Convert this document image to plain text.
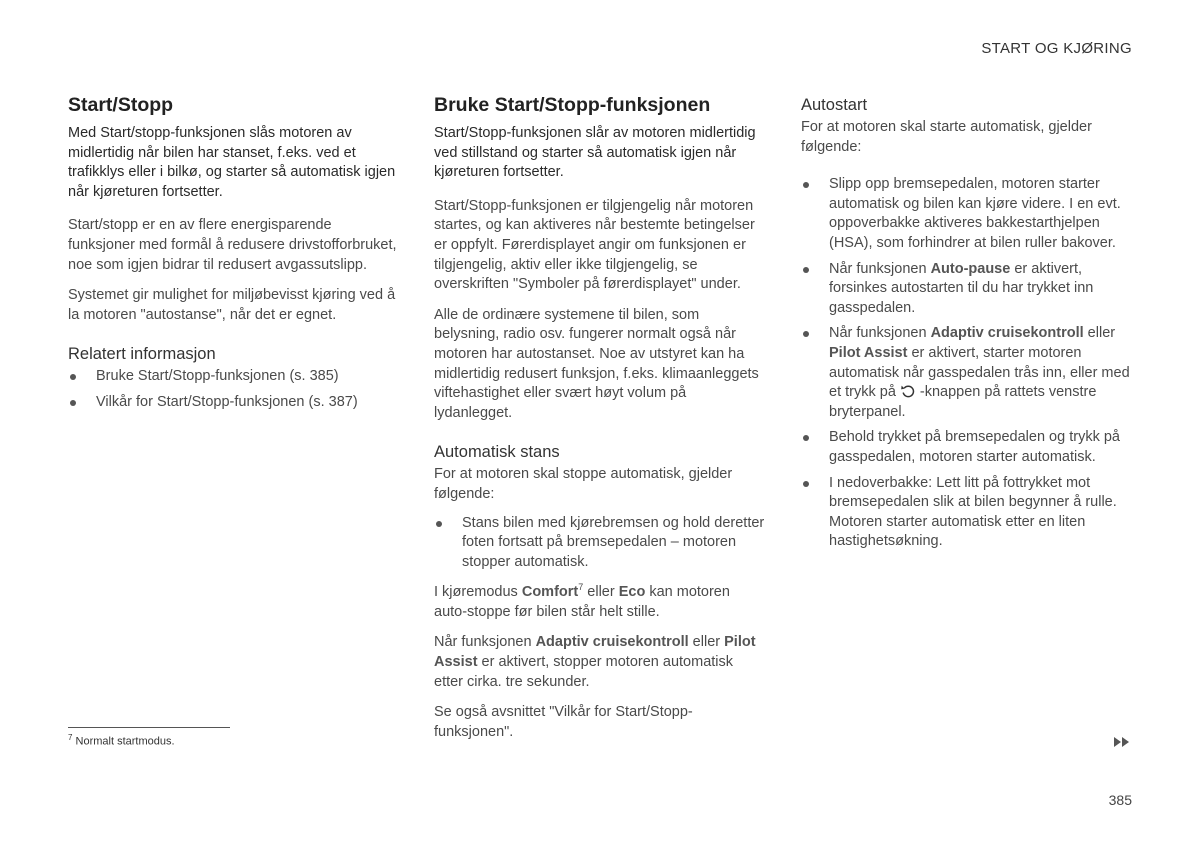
START OG KJØRING
Start/Stopp

Med Start/stopp-funksjonen slås motoren av midlertidig når bilen har stanset, f.eks. ved et trafikklys eller i bilkø, og starter så automatisk igjen når kjøreturen fortsetter.

Start/stopp er en av flere energisparende funksjoner med formål å redusere drivstofforbruket, noe som igjen bidrar til redusert avgassutslipp.

Systemet gir mulighet for miljøbevisst kjøring ved å la motoren "autostanse", når det er egnet.

Relatert informasjon
Bruke Start/Stopp-funksjonen (s. 385)
Vilkår for Start/Stopp-funksjonen (s. 387)
Bruke Start/Stopp-funksjonen

Start/Stopp-funksjonen slår av motoren midlertidig ved stillstand og starter så automatisk igjen når kjøreturen fortsetter.

Start/Stopp-funksjonen er tilgjengelig når motoren startes, og kan aktiveres når bestemte betingelser er oppfylt. Førerdisplayet angir om funksjonen er tilgjengelig, aktiv eller ikke tilgjengelig, se overskriften "Symboler på førerdisplayet" under.

Alle de ordinære systemene til bilen, som belysning, radio osv. fungerer normalt også når motoren har autostanset. Noe av utstyret kan ha midlertidig redusert funksjon, f.eks. klimaanleggets viftehastighet eller svært høyt volum på lydanlegget.

Automatisk stans

For at motoren skal stoppe automatisk, gjelder følgende:

Stans bilen med kjørebremsen og hold deretter foten fortsatt på bremsepedalen – motoren stopper automatisk.

I kjøremodus Comfort$^7$ eller Eco kan motoren auto-stoppe før bilen står helt stille.

Når funksjonen Adaptiv cruisekontroll eller Pilot Assist er aktivert, stopper motoren automatisk etter cirka. tre sekunder.

Se også avsnittet "Vilkår for Start/Stopp-funksjonen".

Autostart

For at motoren skal starte automatisk, gjelder følgende:

Slipp opp bremsepedalen, motoren starter automatisk og bilen kan kjøre videre. I en evt. oppoverbakke aktiveres bakkestarthjelpen (HSA), som forhindrer at bilen ruller bakover.
Når funksjonen Auto-pause er aktivert, forsinkes autostarten til du har trykket inn gasspedalen.
Når funksjonen Adaptiv cruisekontroll eller Pilot Assist er aktivert, starter motoren automatisk når gasspedalen trås inn, eller med et trykk på -knappen på rattets venstre bryterpanel.
Behold trykket på bremsepedalen og trykk på gasspedalen, motoren starter automatisk.
I nedoverbakke: Lett litt på fottrykket mot bremsepedalen slik at bilen begynner å rulle. Motoren starter automatisk etter en liten hastighetsøkning.
$^7$ Normalt startmodus.
385
